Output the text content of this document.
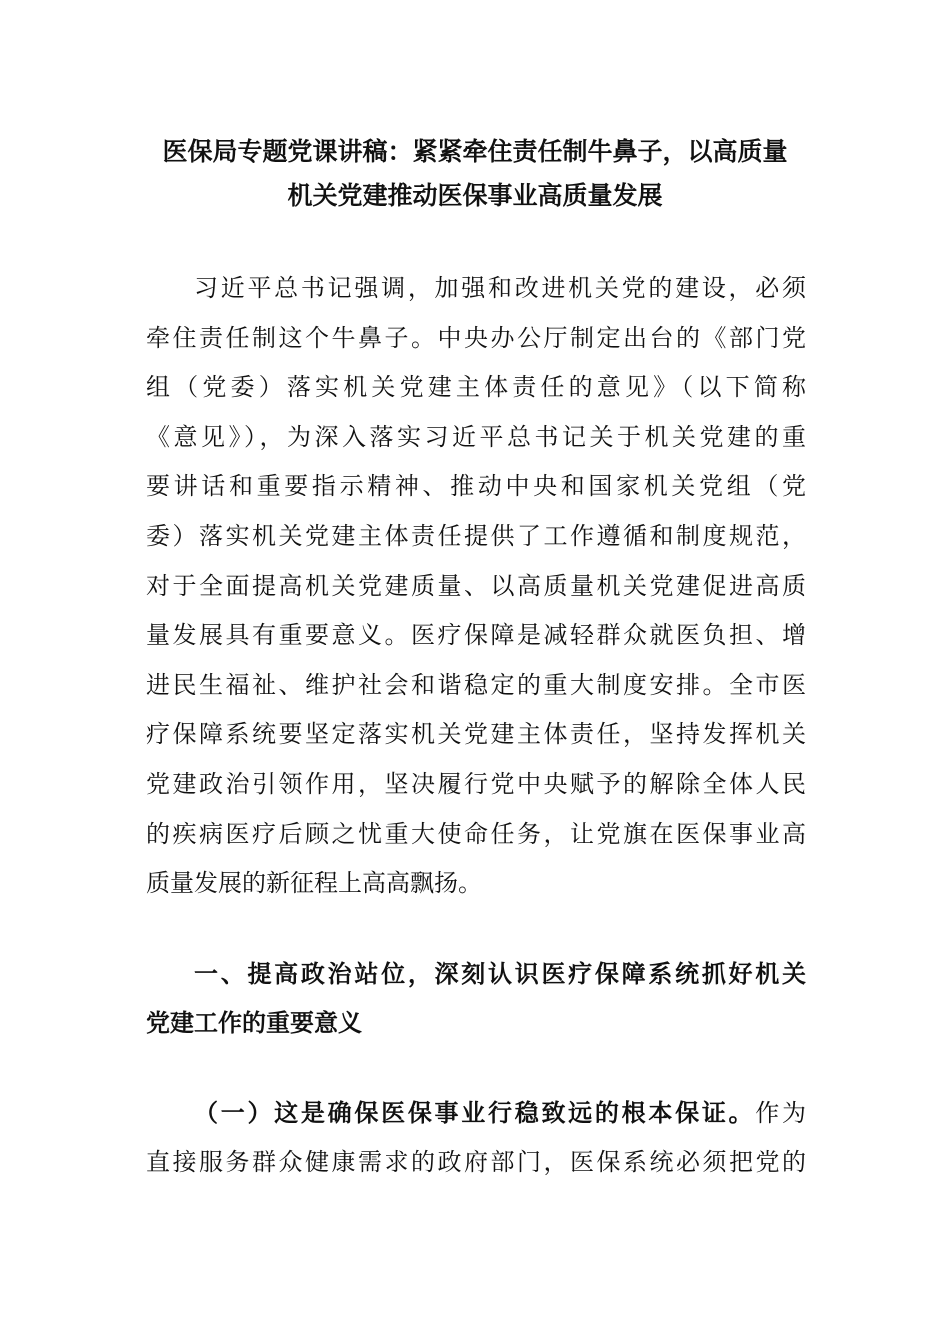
医保局专题党课讲稿：紧紧牵住责任制牛鼻子，以高质量
机关党建推动医保事业高质量发展
习近平总书记强调，加强和改进机关党的建设，必须
牵住责任制这个牛鼻子。中央办公厅制定出台的《部门党
组（党委）落实机关党建主体责任的意见》（以下简称
《意见》），为深入落实习近平总书记关于机关党建的重
要讲话和重要指示精神、推动中央和国家机关党组（党
委）落实机关党建主体责任提供了工作遵循和制度规范，
对于全面提高机关党建质量、以高质量机关党建促进高质
量发展具有重要意义。医疗保障是减轻群众就医负担、增
进民生福祉、维护社会和谐稳定的重大制度安排。全市医
疗保障系统要坚定落实机关党建主体责任，坚持发挥机关
党建政治引领作用，坚决履行党中央赋予的解除全体人民
的疾病医疗后顾之忧重大使命任务，让党旗在医保事业高
质量发展的新征程上高高飘扬。
一、提高政治站位，深刻认识医疗保障系统抓好机关
党建工作的重要意义
（一）这是确保医保事业行稳致远的根本保证。作为
直接服务群众健康需求的政府部门，医保系统必须把党的
